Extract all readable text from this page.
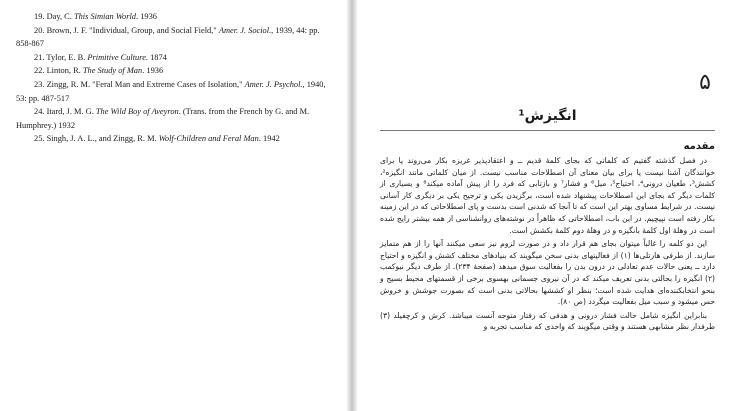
19. Day, C. This Simian World. 1936
20. Brown, J. F. "Individual, Group, and Social Field," Amer. J. Sociol., 1939, 44: pp. 858-867
21. Tylor, E. B. Primitive Culture. 1874
22. Linton, R. The Study of Man. 1936
23. Zingg, R. M. "Feral Man and Extreme Cases of Isolation," Amer. J. Psychol., 1940, 53: pp. 487-517
24. Itard, J. M. G. The Wild Boy of Aveyron. (Trans. from the French by G. and M. Humphrey.) 1932
25. Singh, J. A. L., and Zingg, R. M. Wolf-Children and Feral Man. 1942
۵
انگیزش¹
مقدمه

در فصل گذشته گفتیم که کلماتی که بجای کلمهٔ قدیم ــ و اعتقادپذیر غریزه بکار می‌روند یا برای خوانندگان آشنا نیست یا برای بیان معنای آن اصطلاحات مناسب نیست. از میان کلماتی مانند انگیزه²، کشش³، طغیان درونی⁴، احتیاج⁵، میل⁶ و فشار⁷ و بازتابی که فرد را از پیش آماده میکند⁸ و بسیاری از کلمات دیگر که بجای این اصطلاحات پیشنهاد شده است، برگزیدن یکی و ترجیح یکی بر دیگری کار آسانی نیست. در شرایط مساوی بهتر این است که تا آنجا که شدنی است بدست و پای اصطلاحاتی که در این زمینه بکار رفته است نپیچیم. در این باب، اصطلاحاتی که ظاهراً در نوشته‌های روانشناسی از همه بیشتر رایج شده است در وهلهٔ اول کلمهٔ بانگیزه و در وهلهٔ دوم کلمهٔ بکشش است.

این دو کلمه را غالباً میتوان بجای هم قرار داد و در صورت لزوم نیز سعی میکنند آنها را از هم متمایز سازند. از طرفی هارتلی‌ها (۱) از فعالیتهای بدنی سخن میگویند که بنیادهای مختلف کشش و انگیزه و احتیاج دارد ــ یعنی حالات عدم تعادلی در درون بدن را بفعالیت سوق میدهد (صفحهٔ ۲۳۴). از طرف دیگر نیوکمب (۲) انگیزه را بحالتی بدنی تعریف میکند که در آن نیروی جسمانی بهسوی برخی از قسمتهای محیط بسیج و بنحو انتخابکننده‌ای هدایت شده است؛ بنظر او کششها بحالاتی بدنی است که بصورت جوشش و خروش حس میشود و سبب میل بفعالیت میگردد (ص ۸۰).

بنابراین انگیزه شامل حالت فشار درونی و هدفی که رفتار متوجه آنست میباشد. کرش و کرچفیلد (۳) طرفدار نظر مشابهی هستند و وقتی میگویند که واحدی که مناسب تجربه و
